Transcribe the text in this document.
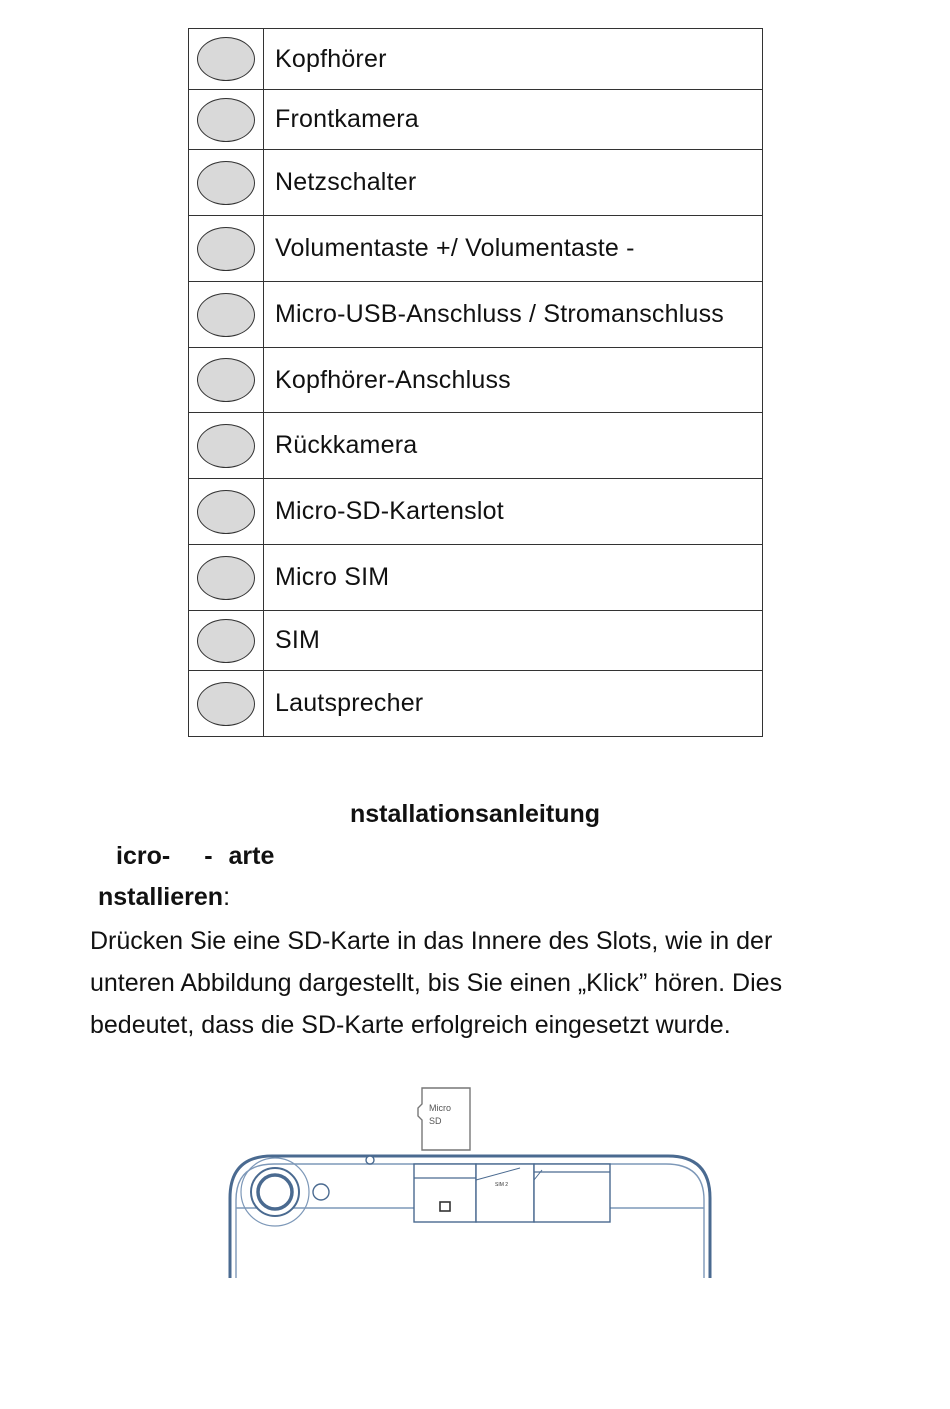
	Kopfhörer

	Frontkamera

	Netzschalter

	Volumentaste +/ Volumentaste -

	Micro-USB-Anschluss / Stromanschluss

	Kopfhörer-Anschluss

	Rückkamera

	Micro-SD-Kartenslot

	Micro SIM

	SIM

	Lautsprecher
nstallationsanleitung
icro- - arte
nstallieren:
Drücken Sie eine SD-Karte in das Innere des Slots, wie in der
unteren Abbildung dargestellt, bis Sie einen „Klick” hören. Dies
bedeutet, dass die SD-Karte erfolgreich eingesetzt wurde.
Micro
SD
SIM 2
